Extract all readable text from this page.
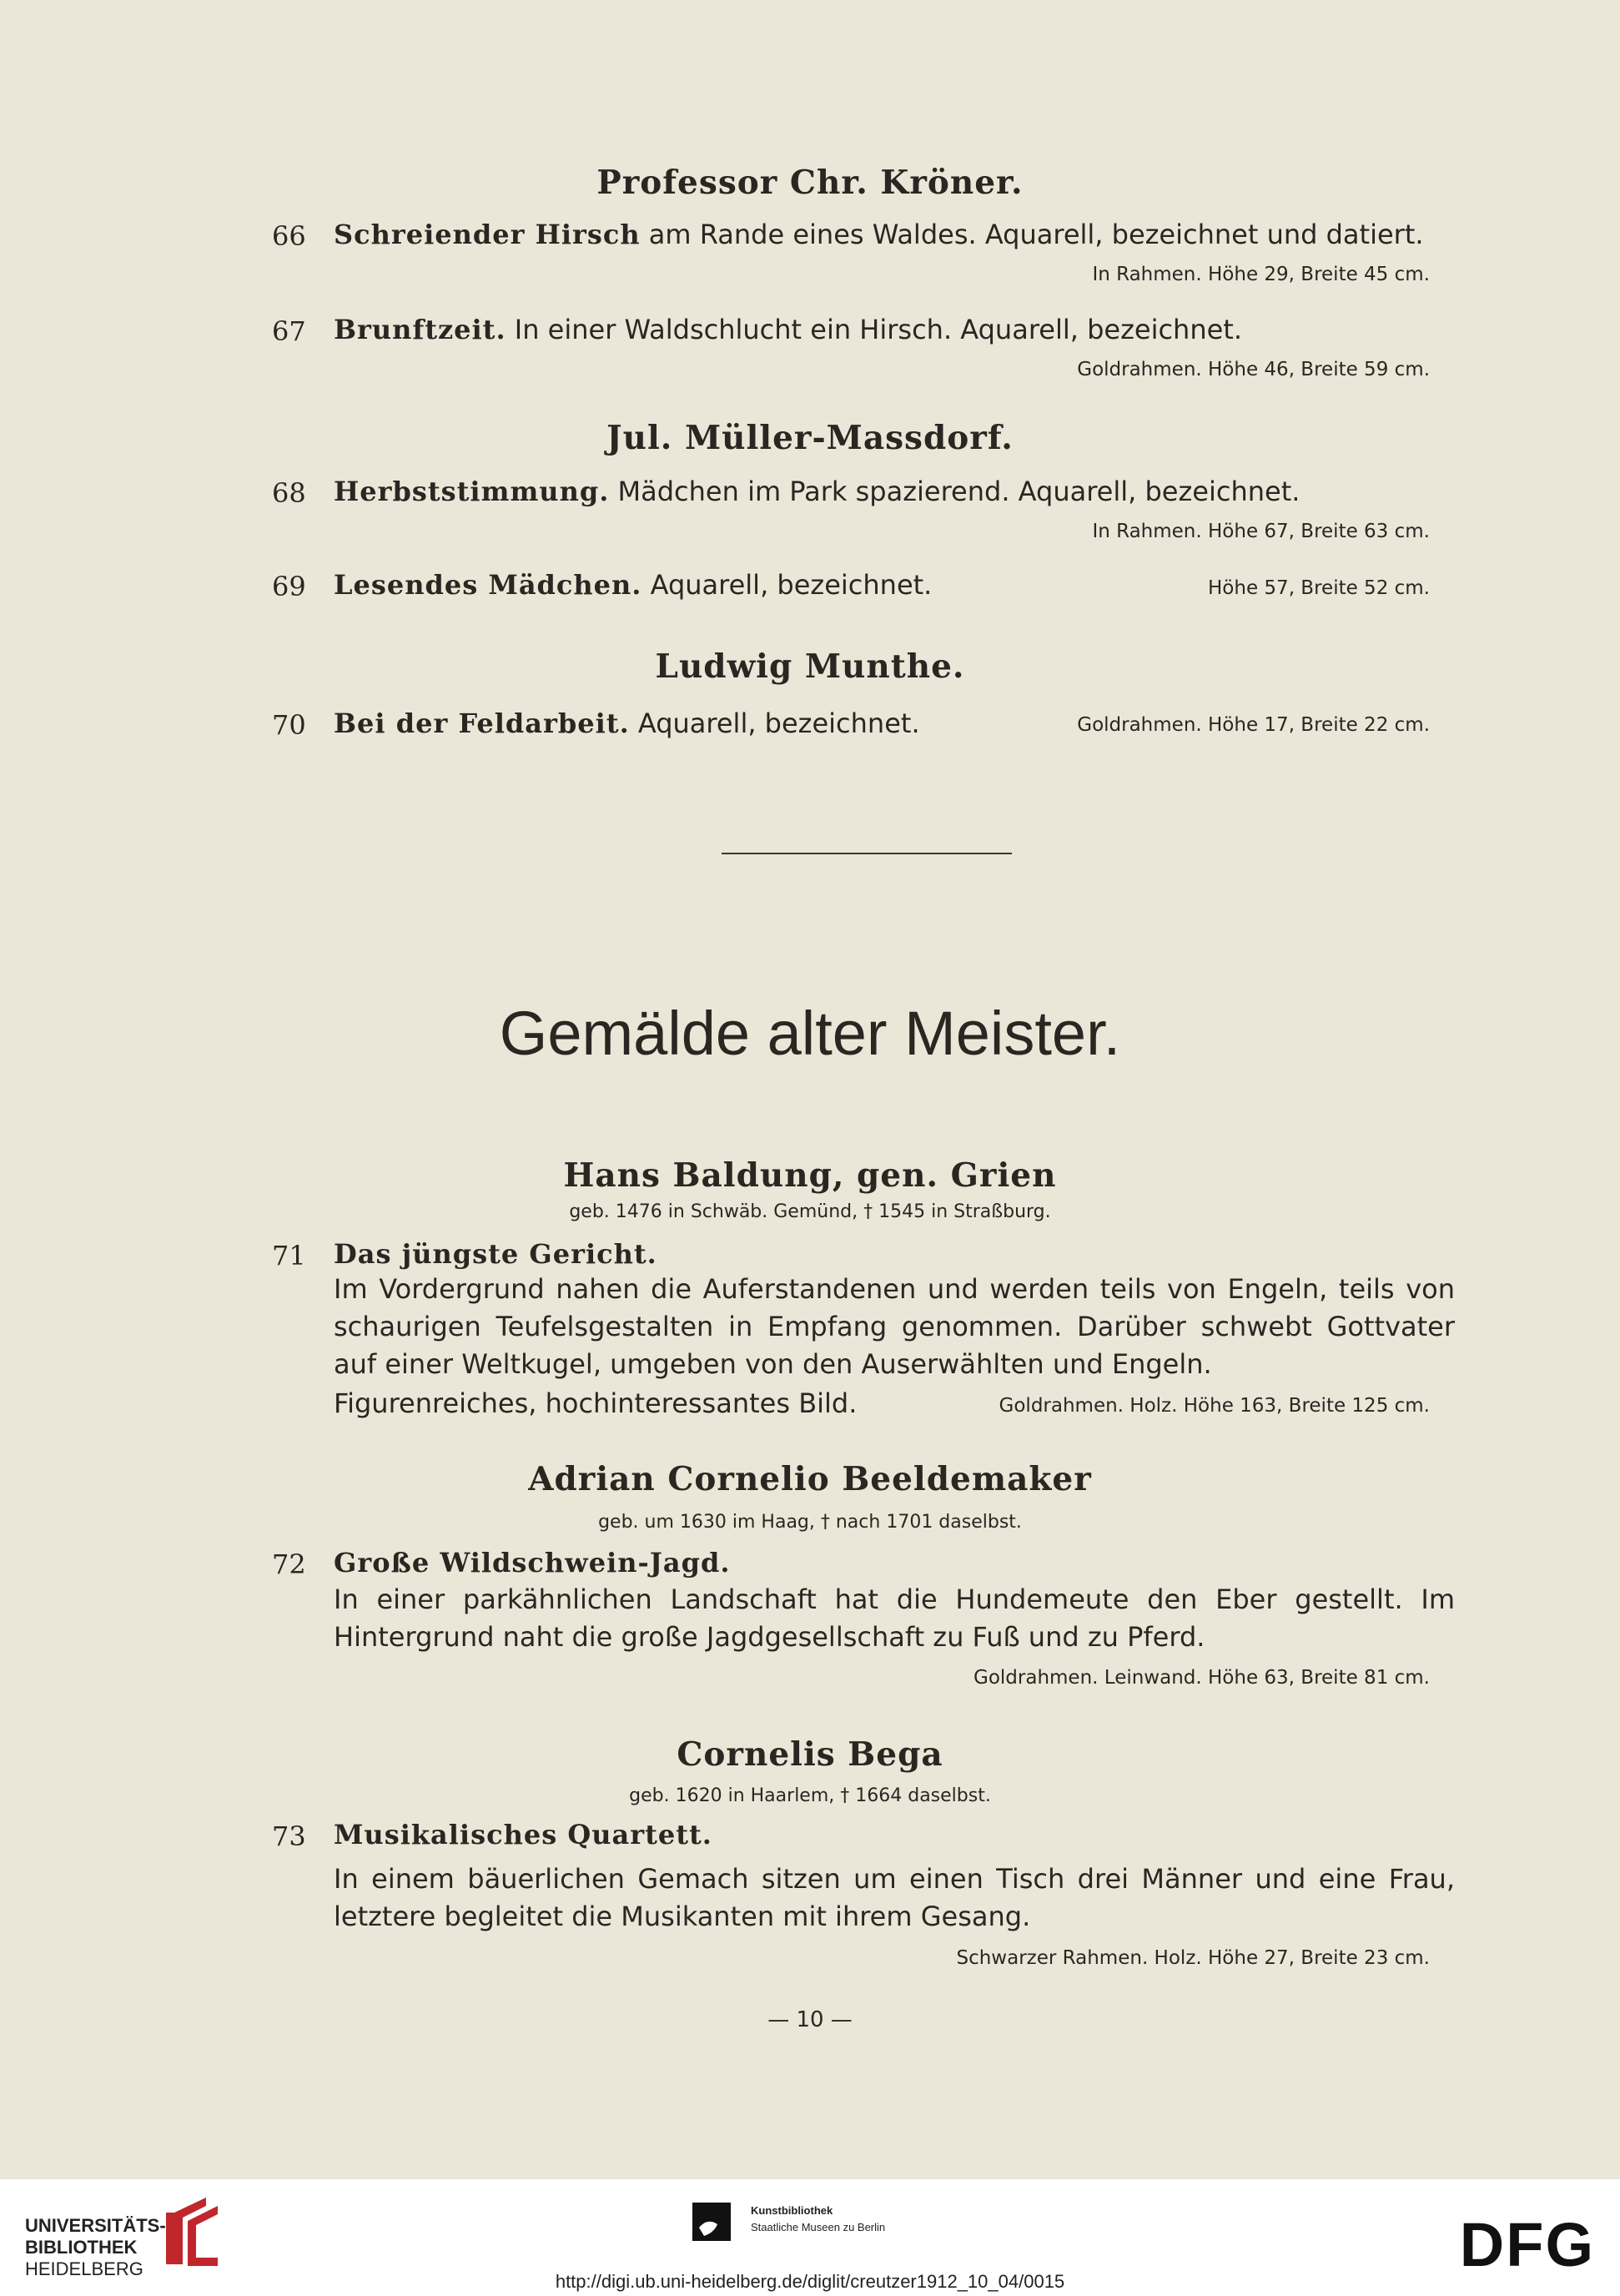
Professor Chr. Kröner.
66 Schreiender Hirsch am Rande eines Waldes. Aquarell, bezeichnet und datiert.
In Rahmen. Höhe 29, Breite 45 cm.
67 Brunftzeit. In einer Waldschlucht ein Hirsch. Aquarell, bezeichnet.
Goldrahmen. Höhe 46, Breite 59 cm.
Jul. Müller-Massdorf.
68 Herbststimmung. Mädchen im Park spazierend. Aquarell, bezeichnet.
In Rahmen. Höhe 67, Breite 63 cm.
69 Lesendes Mädchen. Aquarell, bezeichnet.	Höhe 57, Breite 52 cm.
Ludwig Munthe.
70 Bei der Feldarbeit. Aquarell, bezeichnet.	Goldrahmen. Höhe 17, Breite 22 cm.
Gemälde alter Meister.
Hans Baldung, gen. Grien
geb. 1476 in Schwäb. Gemünd, † 1545 in Straßburg.
71 Das jüngste Gericht.
Im Vordergrund nahen die Auferstandenen und werden teils von Engeln, teils von schaurigen Teufelsgestalten in Empfang genommen. Darüber schwebt Gottvater auf einer Weltkugel, umgeben von den Auserwählten und Engeln.
Figurenreiches, hochinteressantes Bild.	Goldrahmen. Holz. Höhe 163, Breite 125 cm.
Adrian Cornelio Beeldemaker
geb. um 1630 im Haag, † nach 1701 daselbst.
72 Große Wildschwein-Jagd.
In einer parkähnlichen Landschaft hat die Hundemeute den Eber gestellt. Im Hintergrund naht die große Jagdgesellschaft zu Fuß und zu Pferd.
Goldrahmen. Leinwand. Höhe 63, Breite 81 cm.
Cornelis Bega
geb. 1620 in Haarlem, † 1664 daselbst.
73 Musikalisches Quartett.
In einem bäuerlichen Gemach sitzen um einen Tisch drei Männer und eine Frau, letztere begleitet die Musikanten mit ihrem Gesang.
Schwarzer Rahmen. Holz. Höhe 27, Breite 23 cm.
— 10 —
UNIVERSITÄTS-
BIBLIOTHEK
HEIDELBERG
Kunstbibliothek
Staatliche Museen zu Berlin	DFG
http://digi.ub.uni-heidelberg.de/diglit/creutzer1912_10_04/0015
